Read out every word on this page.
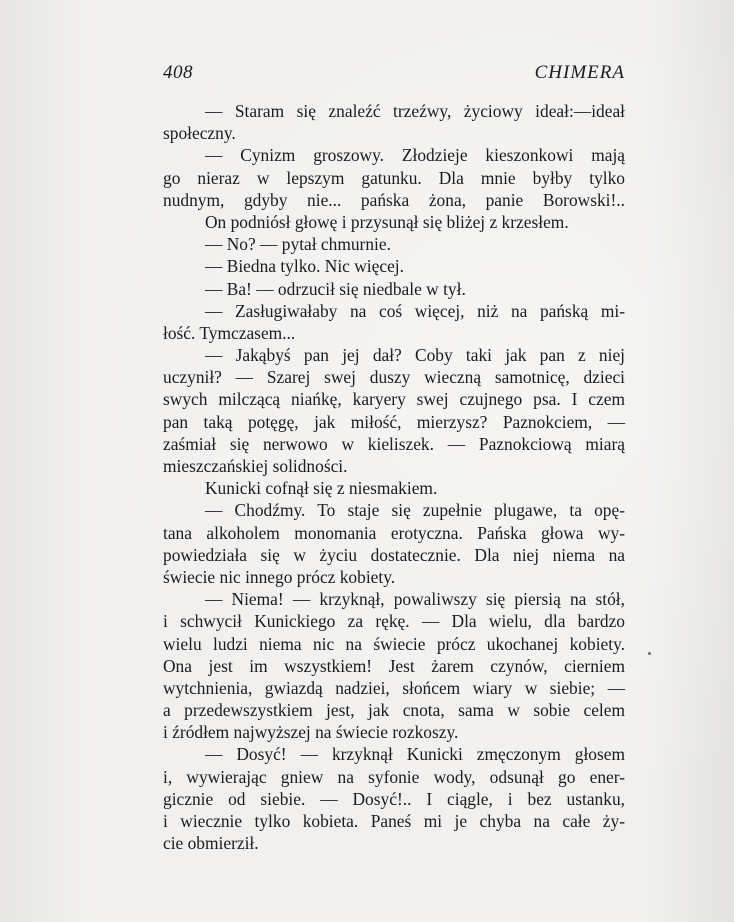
408	CHIMERA
— Staram się znaleźć trzeźwy, życiowy ideał:—ideał
społeczny.
— Cynizm groszowy. Złodzieje kieszonkowi mają
go nieraz w lepszym gatunku. Dla mnie byłby tylko
nudnym, gdyby nie... pańska żona, panie Borowski!..
On podniósł głowę i przysunął się bliżej z krzesłem.
— No? — pytał chmurnie.
— Biedna tylko. Nic więcej.
— Ba! — odrzucił się niedbale w tył.
— Zasługiwałaby na coś więcej, niż na pańską mi-
łość. Tymczasem...
— Jakąbyś pan jej dał? Coby taki jak pan z niej
uczynił? — Szarej swej duszy wieczną samotnicę, dzieci
swych milczącą niańkę, karyery swej czujnego psa. I czem
pan taką potęgę, jak miłość, mierzysz? Paznokciem, —
zaśmiał się nerwowo w kieliszek. — Paznokciową miarą
mieszczańskiej solidności.
Kunicki cofnął się z niesmakiem.
— Chodźmy. To staje się zupełnie plugawe, ta opę-
tana alkoholem monomania erotyczna. Pańska głowa wy-
powiedziała się w życiu dostatecznie. Dla niej niema na
świecie nic innego prócz kobiety.
— Niema! — krzyknął, powaliwszy się piersią na stół,
i schwycił Kunickiego za rękę. — Dla wielu, dla bardzo
wielu ludzi niema nic na świecie prócz ukochanej kobiety.
Ona jest im wszystkiem! Jest żarem czynów, cierniem
wytchnienia, gwiazdą nadziei, słońcem wiary w siebie; —
a przedewszystkiem jest, jak cnota, sama w sobie celem
i źródłem najwyższej na świecie rozkoszy.
— Dosyć! — krzyknął Kunicki zmęczonym głosem
i, wywierając gniew na syfonie wody, odsunął go ener-
gicznie od siebie. — Dosyć!.. I ciągle, i bez ustanku,
i wiecznie tylko kobieta. Paneś mi je chyba na całe ży-
cie obmierził.
